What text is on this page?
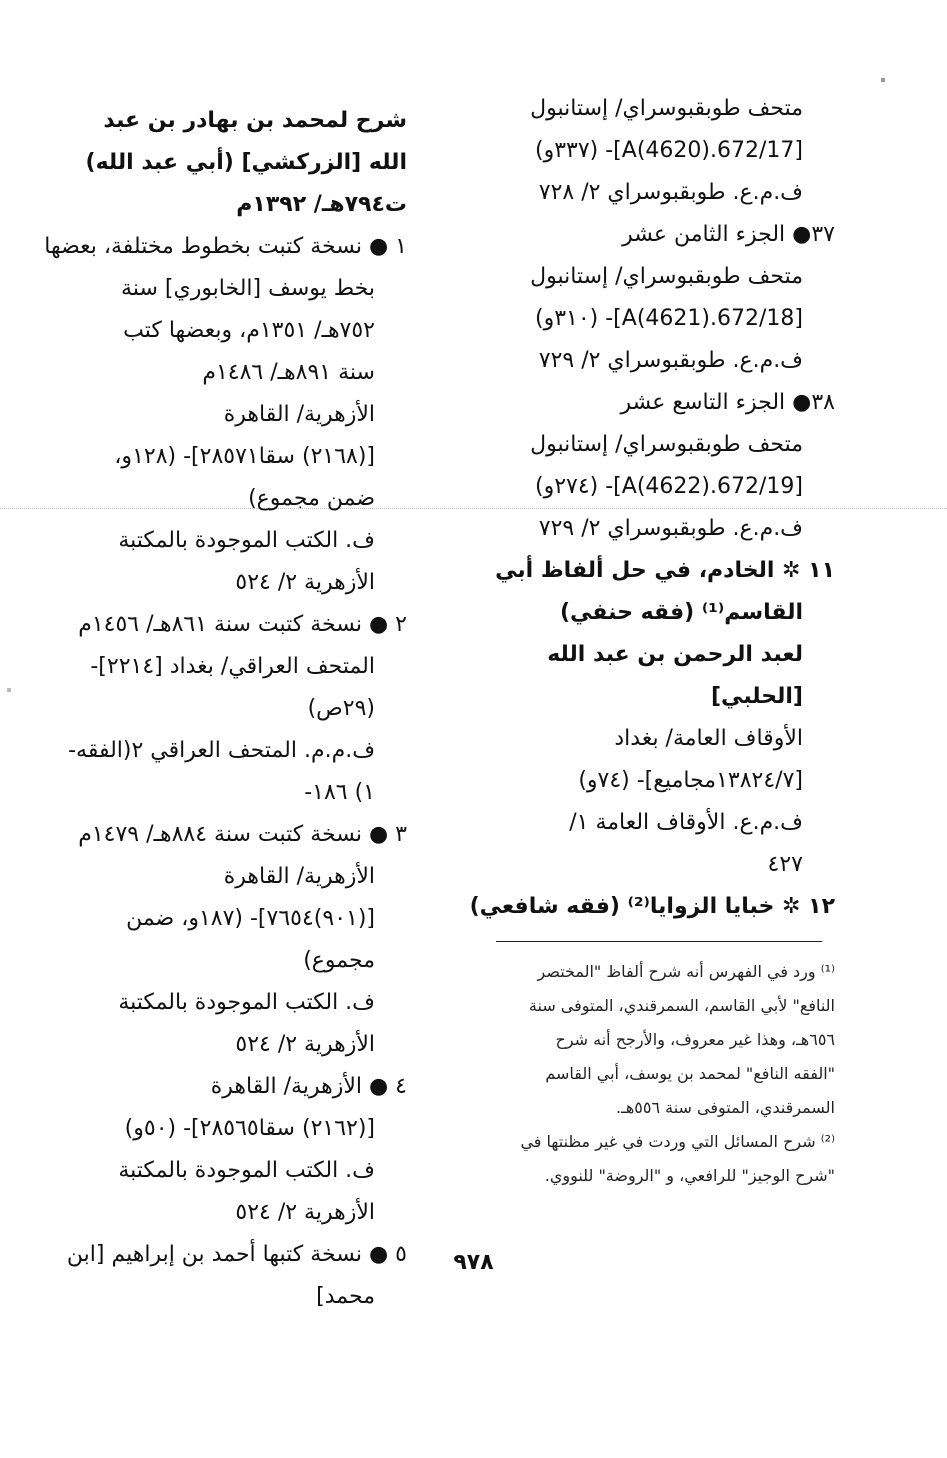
متحف طوبقبوسراي/ إستانبول
[672/17.A(4620)]- (٣٣٧و)
ف.م.ع. طوبقبوسراي ٢/ ٧٢٨
٣٧● الجزء الثامن عشر
متحف طوبقبوسراي/ إستانبول
[672/18.A(4621)]- (٣١٠و)
ف.م.ع. طوبقبوسراي ٢/ ٧٢٩
٣٨● الجزء التاسع عشر
متحف طوبقبوسراي/ إستانبول
[672/19.A(4622)]- (٢٧٤و)
ف.م.ع. طوبقبوسراي ٢/ ٧٢٩
١١ ✲ الخادم، في حل ألفاظ أبي
القاسم⁽¹⁾ (فقه حنفي)
لعبد الرحمن بن عبد الله
[الحلبي]
الأوقاف العامة/ بغداد
[١٣٨٢٤/٧مجاميع]- (٧٤و)
ف.م.ع. الأوقاف العامة ١/
٤٢٧
١٢ ✲ خبايا الزوايا⁽²⁾ (فقه شافعي)
شرح لمحمد بن بهادر بن عبد
الله [الزركشي] (أبي عبد الله)
ت٧٩٤هـ/ ١٣٩٢م
١ ● نسخة كتبت بخطوط مختلفة، بعضها
بخط يوسف [الخابوري] سنة
٧٥٢هـ/ ١٣٥١م، وبعضها كتب
سنة ٨٩١هـ/ ١٤٨٦م
الأزهرية/ القاهرة
[(٢١٦٨) سقا٢٨٥٧١]- (١٢٨و،
ضمن مجموع)
ف. الكتب الموجودة بالمكتبة
الأزهرية ٢/ ٥٢٤
٢ ● نسخة كتبت سنة ٨٦١هـ/ ١٤٥٦م
المتحف العراقي/ بغداد [٢٢١٤]-
(٢٩ص)
ف.م.م. المتحف العراقي ٢(الفقه-
١) ١٨٦-
٣ ● نسخة كتبت سنة ٨٨٤هـ/ ١٤٧٩م
الأزهرية/ القاهرة
[(٩٠١)٧٦٥٤]- (١٨٧و، ضمن
مجموع)
ف. الكتب الموجودة بالمكتبة
الأزهرية ٢/ ٥٢٤
٤ ● الأزهرية/ القاهرة
[(٢١٦٢) سقا٢٨٥٦٥]- (٥٠و)
ف. الكتب الموجودة بالمكتبة
الأزهرية ٢/ ٥٢٤
٥ ● نسخة كتبها أحمد بن إبراهيم [ابن
محمد]
⁽¹⁾ ورد في الفهرس أنه شرح ألفاظ "المختصر
النافع" لأبي القاسم، السمرقندي، المتوفى سنة
٦٥٦هـ، وهذا غير معروف، والأرجح أنه شرح
"الفقه النافع" لمحمد بن يوسف، أبي القاسم
السمرقندي، المتوفى سنة ٥٥٦هـ.
⁽²⁾ شرح المسائل التي وردت في غير مظنتها في
"شرح الوجيز" للرافعي، و "الروضة" للنووي.
٩٧٨
